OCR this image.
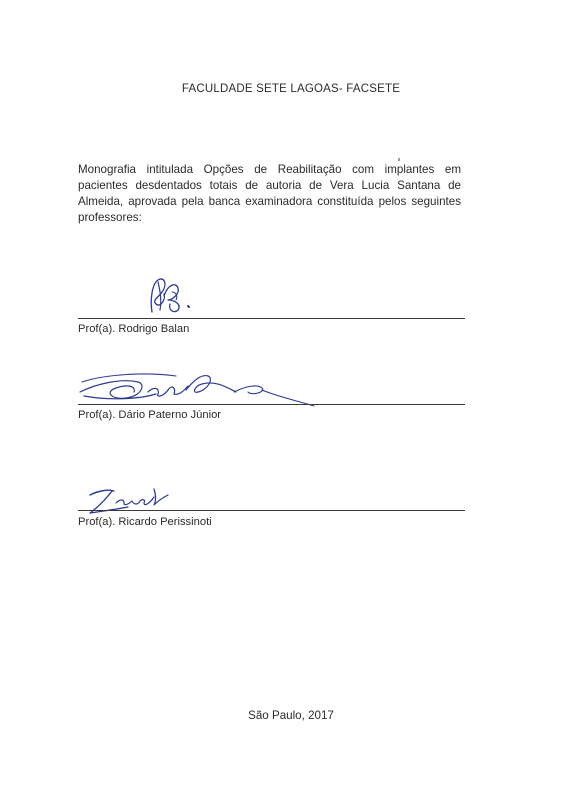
FACULDADE SETE LAGOAS- FACSETE
Monografia intitulada Opções de Reabilitação com implantes em pacientes desdentados totais de autoria de Vera Lucia Santana de Almeida, aprovada pela banca examinadora constituída pelos seguintes professores:
Prof(a). Rodrigo Balan
Prof(a). Dário Paterno Júnior
Prof(a). Ricardo Perissinoti
São Paulo, 2017
